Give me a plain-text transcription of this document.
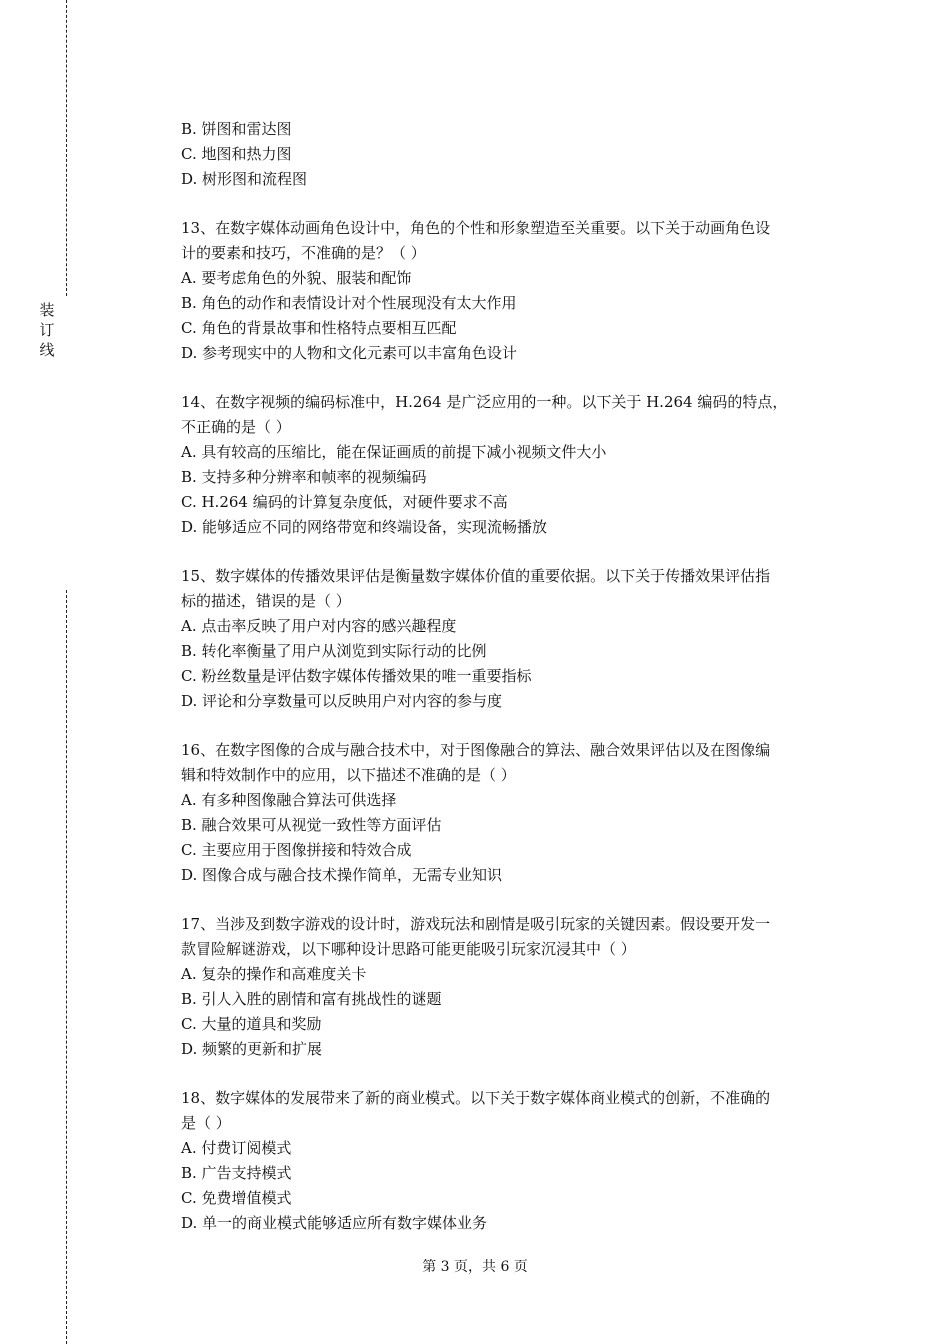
装
订
线
B. 饼图和雷达图
C. 地图和热力图
D. 树形图和流程图
13、在数字媒体动画角色设计中，角色的个性和形象塑造至关重要。以下关于动画角色设
计的要素和技巧，不准确的是？（ ）
A. 要考虑角色的外貌、服装和配饰
B. 角色的动作和表情设计对个性展现没有太大作用
C. 角色的背景故事和性格特点要相互匹配
D. 参考现实中的人物和文化元素可以丰富角色设计
14、在数字视频的编码标准中，H.264 是广泛应用的一种。以下关于 H.264 编码的特点，
不正确的是（ ）
A. 具有较高的压缩比，能在保证画质的前提下减小视频文件大小
B. 支持多种分辨率和帧率的视频编码
C. H.264 编码的计算复杂度低，对硬件要求不高
D. 能够适应不同的网络带宽和终端设备，实现流畅播放
15、数字媒体的传播效果评估是衡量数字媒体价值的重要依据。以下关于传播效果评估指
标的描述，错误的是（ ）
A. 点击率反映了用户对内容的感兴趣程度
B. 转化率衡量了用户从浏览到实际行动的比例
C. 粉丝数量是评估数字媒体传播效果的唯一重要指标
D. 评论和分享数量可以反映用户对内容的参与度
16、在数字图像的合成与融合技术中，对于图像融合的算法、融合效果评估以及在图像编
辑和特效制作中的应用，以下描述不准确的是（ ）
A. 有多种图像融合算法可供选择
B. 融合效果可从视觉一致性等方面评估
C. 主要应用于图像拼接和特效合成
D. 图像合成与融合技术操作简单，无需专业知识
17、当涉及到数字游戏的设计时，游戏玩法和剧情是吸引玩家的关键因素。假设要开发一
款冒险解谜游戏，以下哪种设计思路可能更能吸引玩家沉浸其中（ ）
A. 复杂的操作和高难度关卡
B. 引人入胜的剧情和富有挑战性的谜题
C. 大量的道具和奖励
D. 频繁的更新和扩展
18、数字媒体的发展带来了新的商业模式。以下关于数字媒体商业模式的创新，不准确的
是（ ）
A. 付费订阅模式
B. 广告支持模式
C. 免费增值模式
D. 单一的商业模式能够适应所有数字媒体业务
第 3 页，共 6 页
